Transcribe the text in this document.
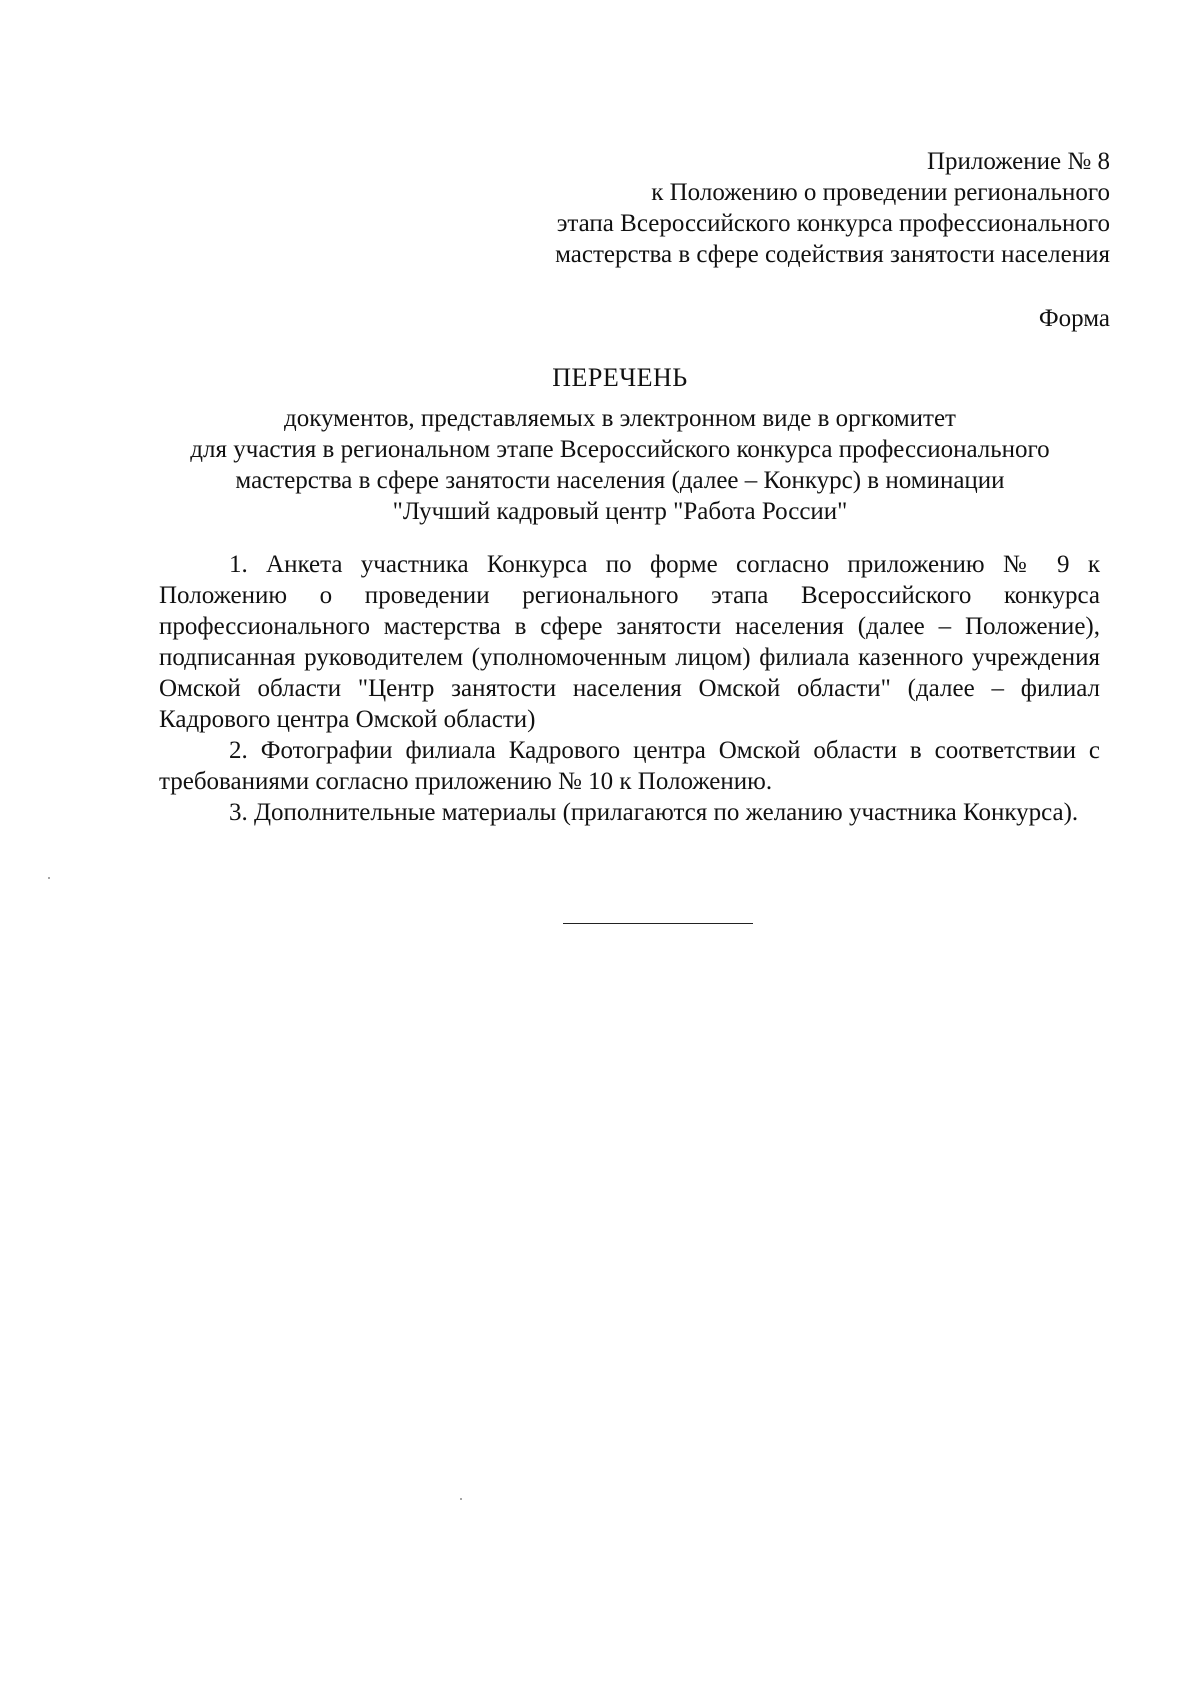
Приложение № 8
к Положению о проведении регионального
этапа Всероссийского конкурса профессионального
мастерства в сфере содействия занятости населения
Форма
ПЕРЕЧЕНЬ
документов, представляемых в электронном виде в оргкомитет
для участия в региональном этапе Всероссийского конкурса профессионального
мастерства в сфере занятости населения (далее – Конкурс) в номинации
"Лучший кадровый центр "Работа России"

1. Анкета участника Конкурса по форме согласно приложению № 9 к Положению о проведении регионального этапа Всероссийского конкурса профессионального мастерства в сфере занятости населения (далее – Положение), подписанная руководителем (уполномоченным лицом) филиала казенного учреждения Омской области "Центр занятости населения Омской области" (далее – филиал Кадрового центра Омской области)

2. Фотографии филиала Кадрового центра Омской области в соответствии с требованиями согласно приложению № 10 к Положению.

3. Дополнительные материалы (прилагаются по желанию участника Конкурса).
